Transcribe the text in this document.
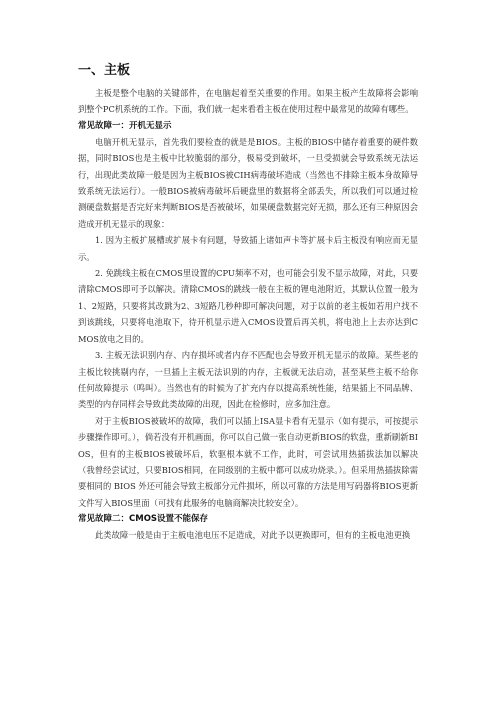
一、主板

主板是整个电脑的关键部件，在电脑起着至关重要的作用。如果主板产生故障将会影响到整个PC机系统的工作。下面，我们就一起来看看主板在使用过程中最常见的故障有哪些。

常见故障一：开机无显示

电脑开机无显示，首先我们要检查的就是是BIOS。主板的BIOS中储存着重要的硬件数据，同时BIOS也是主板中比较脆弱的部分，极易受到破坏，一旦受损就会导致系统无法运行，出现此类故障一般是因为主板BIOS被CIH病毒破坏造成（当然也不排除主板本身故障导致系统无法运行）。一般BIOS被病毒破坏后硬盘里的数据将全部丢失，所以我们可以通过检测硬盘数据是否完好来判断BIOS是否被破坏，如果硬盘数据完好无损，那么还有三种原因会造成开机无显示的现象：

1. 因为主板扩展槽或扩展卡有问题，导致插上诸如声卡等扩展卡后主板没有响应而无显示。

2. 免跳线主板在CMOS里设置的CPU频率不对，也可能会引发不显示故障，对此，只要清除CMOS即可予以解决。清除CMOS的跳线一般在主板的锂电池附近，其默认位置一般为1、2短路，只要将其改跳为2、3短路几秒种即可解决问题，对于以前的老主板如若用户找不到该跳线，只要将电池取下，待开机显示进入CMOS设置后再关机，将电池上上去亦达到CMOS放电之目的。

3. 主板无法识别内存、内存损坏或者内存不匹配也会导致开机无显示的故障。某些老的主板比较挑剔内存，一旦插上主板无法识别的内存，主板就无法启动，甚至某些主板不给你任何故障提示（鸣叫）。当然也有的时候为了扩充内存以提高系统性能，结果插上不同品牌、类型的内存同样会导致此类故障的出现，因此在检修时，应多加注意。

对于主板BIOS被破坏的故障，我们可以插上ISA显卡看有无显示（如有提示，可按提示步骤操作即可。），倘若没有开机画面，你可以自己做一张自动更新BIOS的软盘，重新刷新BIOS，但有的主板BIOS被破坏后，软驱根本就不工作，此时，可尝试用热插拔法加以解决（我曾经尝试过，只要BIOS相同，在同级别的主板中都可以成功烧录。）。但采用热插拔除需要相同的 BIOS 外还可能会导致主板部分元件损坏，所以可靠的方法是用写码器将BIOS更新文件写入BIOS里面（可找有此服务的电脑商解决比较安全）。

常见故障二：CMOS设置不能保存

此类故障一般是由于主板电池电压不足造成，对此予以更换即可，但有的主板电池更换
